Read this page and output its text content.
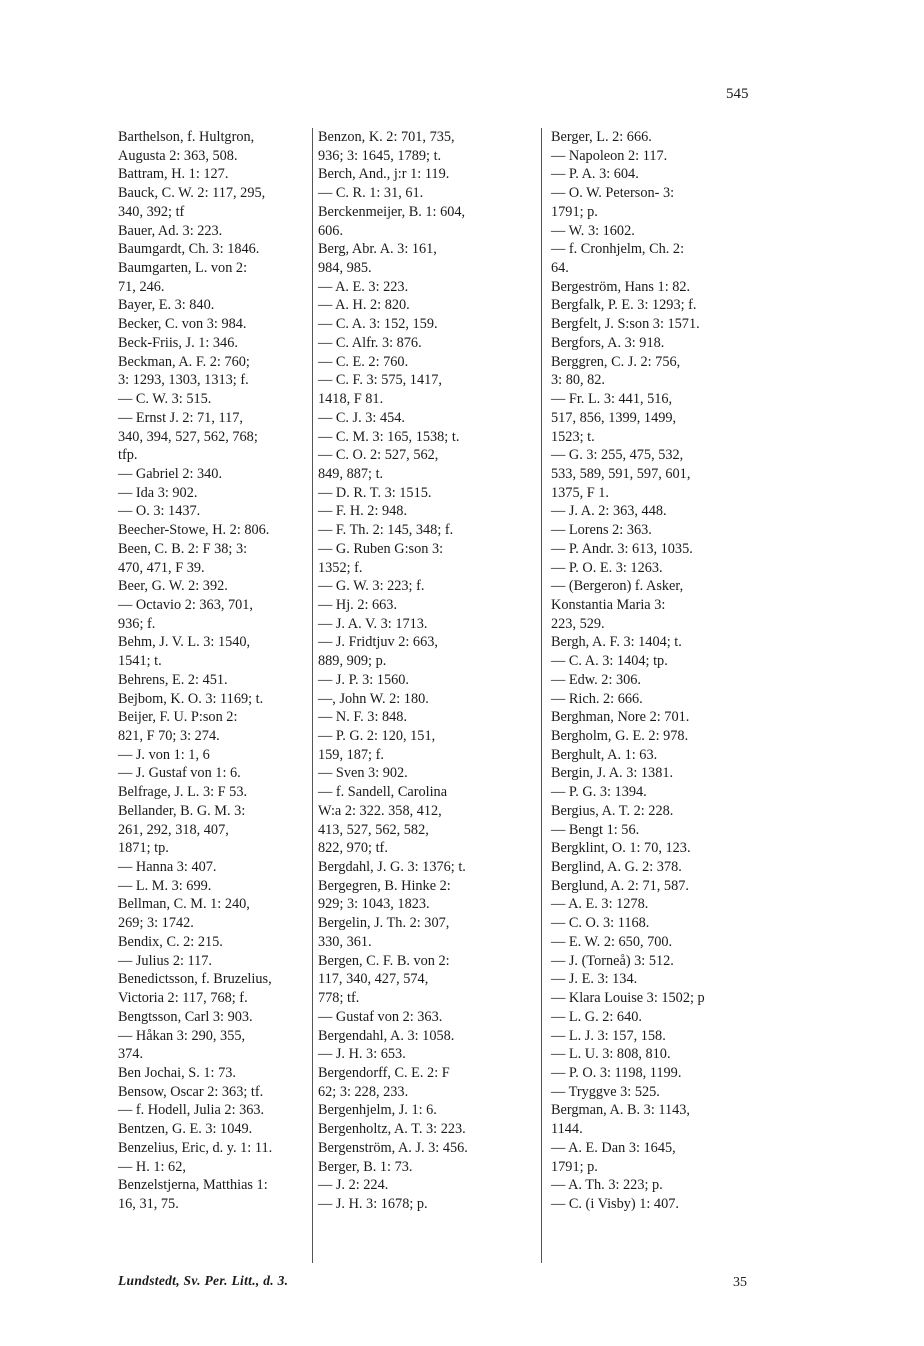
545
Barthelson, f. Hultgron,
Augusta 2: 363, 508.
Battram, H. 1: 127.
Bauck, C. W. 2: 117, 295,
340, 392; tf
Bauer, Ad. 3: 223.
Baumgardt, Ch. 3: 1846.
Baumgarten, L. von 2:
71, 246.
Bayer, E. 3: 840.
Becker, C. von 3: 984.
Beck-Friis, J. 1: 346.
Beckman, A. F. 2: 760;
3: 1293, 1303, 1313; f.
— C. W. 3: 515.
— Ernst J. 2: 71, 117,
340, 394, 527, 562, 768;
tfp.
— Gabriel 2: 340.
— Ida 3: 902.
— O. 3: 1437.
Beecher-Stowe, H. 2: 806.
Been, C. B. 2: F 38; 3:
470, 471, F 39.
Beer, G. W. 2: 392.
— Octavio 2: 363, 701,
936; f.
Behm, J. V. L. 3: 1540,
1541; t.
Behrens, E. 2: 451.
Bejbom, K. O. 3: 1169; t.
Beijer, F. U. P:son 2:
821, F 70; 3: 274.
— J. von 1: 1, 6
— J. Gustaf von 1: 6.
Belfrage, J. L. 3: F 53.
Bellander, B. G. M. 3:
261, 292, 318, 407,
1871; tp.
— Hanna 3: 407.
— L. M. 3: 699.
Bellman, C. M. 1: 240,
269; 3: 1742.
Bendix, C. 2: 215.
— Julius 2: 117.
Benedictsson, f. Bruzelius,
Victoria 2: 117, 768; f.
Bengtsson, Carl 3: 903.
— Håkan 3: 290, 355,
374.
Ben Jochai, S. 1: 73.
Bensow, Oscar 2: 363; tf.
— f. Hodell, Julia 2: 363.
Bentzen, G. E. 3: 1049.
Benzelius, Eric, d. y. 1: 11.
— H. 1: 62,
Benzelstjerna, Matthias 1:
16, 31, 75.
Benzon, K. 2: 701, 735,
936; 3: 1645, 1789; t.
Berch, And., j:r 1: 119.
— C. R. 1: 31, 61.
Berckenmeijer, B. 1: 604,
606.
Berg, Abr. A. 3: 161,
984, 985.
— A. E. 3: 223.
— A. H. 2: 820.
— C. A. 3: 152, 159.
— C. Alfr. 3: 876.
— C. E. 2: 760.
— C. F. 3: 575, 1417,
1418, F 81.
— C. J. 3: 454.
— C. M. 3: 165, 1538; t.
— C. O. 2: 527, 562,
849, 887; t.
— D. R. T. 3: 1515.
— F. H. 2: 948.
— F. Th. 2: 145, 348; f.
— G. Ruben G:son 3:
1352; f.
— G. W. 3: 223; f.
— Hj. 2: 663.
— J. A. V. 3: 1713.
— J. Fridtjuv 2: 663,
889, 909; p.
— J. P. 3: 1560.
—, John W. 2: 180.
— N. F. 3: 848.
— P. G. 2: 120, 151,
159, 187; f.
— Sven 3: 902.
— f. Sandell, Carolina
W:a 2: 322. 358, 412,
413, 527, 562, 582,
822, 970; tf.
Bergdahl, J. G. 3: 1376; t.
Bergegren, B. Hinke 2:
929; 3: 1043, 1823.
Bergelin, J. Th. 2: 307,
330, 361.
Bergen, C. F. B. von 2:
117, 340, 427, 574,
778; tf.
— Gustaf von 2: 363.
Bergendahl, A. 3: 1058.
— J. H. 3: 653.
Bergendorff, C. E. 2: F
62; 3: 228, 233.
Bergenhjelm, J. 1: 6.
Bergenholtz, A. T. 3: 223.
Bergenström, A. J. 3: 456.
Berger, B. 1: 73.
— J. 2: 224.
— J. H. 3: 1678; p.
Berger, L. 2: 666.
— Napoleon 2: 117.
— P. A. 3: 604.
— O. W. Peterson- 3:
1791; p.
— W. 3: 1602.
— f. Cronhjelm, Ch. 2:
64.
Bergeström, Hans 1: 82.
Bergfalk, P. E. 3: 1293; f.
Bergfelt, J. S:son 3: 1571.
Bergfors, A. 3: 918.
Berggren, C. J. 2: 756,
3: 80, 82.
— Fr. L. 3: 441, 516,
517, 856, 1399, 1499,
1523; t.
— G. 3: 255, 475, 532,
533, 589, 591, 597, 601,
1375, F 1.
— J. A. 2: 363, 448.
— Lorens 2: 363.
— P. Andr. 3: 613, 1035.
— P. O. E. 3: 1263.
— (Bergeron) f. Asker,
Konstantia Maria 3:
223, 529.
Bergh, A. F. 3: 1404; t.
— C. A. 3: 1404; tp.
— Edw. 2: 306.
— Rich. 2: 666.
Berghman, Nore 2: 701.
Bergholm, G. E. 2: 978.
Berghult, A. 1: 63.
Bergin, J. A. 3: 1381.
— P. G. 3: 1394.
Bergius, A. T. 2: 228.
— Bengt 1: 56.
Bergklint, O. 1: 70, 123.
Berglind, A. G. 2: 378.
Berglund, A. 2: 71, 587.
— A. E. 3: 1278.
— C. O. 3: 1168.
— E. W. 2: 650, 700.
— J. (Torneå) 3: 512.
— J. E. 3: 134.
— Klara Louise 3: 1502; p
— L. G. 2: 640.
— L. J. 3: 157, 158.
— L. U. 3: 808, 810.
— P. O. 3: 1198, 1199.
— Tryggve 3: 525.
Bergman, A. B. 3: 1143,
1144.
— A. E. Dan 3: 1645,
1791; p.
— A. Th. 3: 223; p.
— C. (i Visby) 1: 407.
Lundstedt, Sv. Per. Litt., d. 3.	35
